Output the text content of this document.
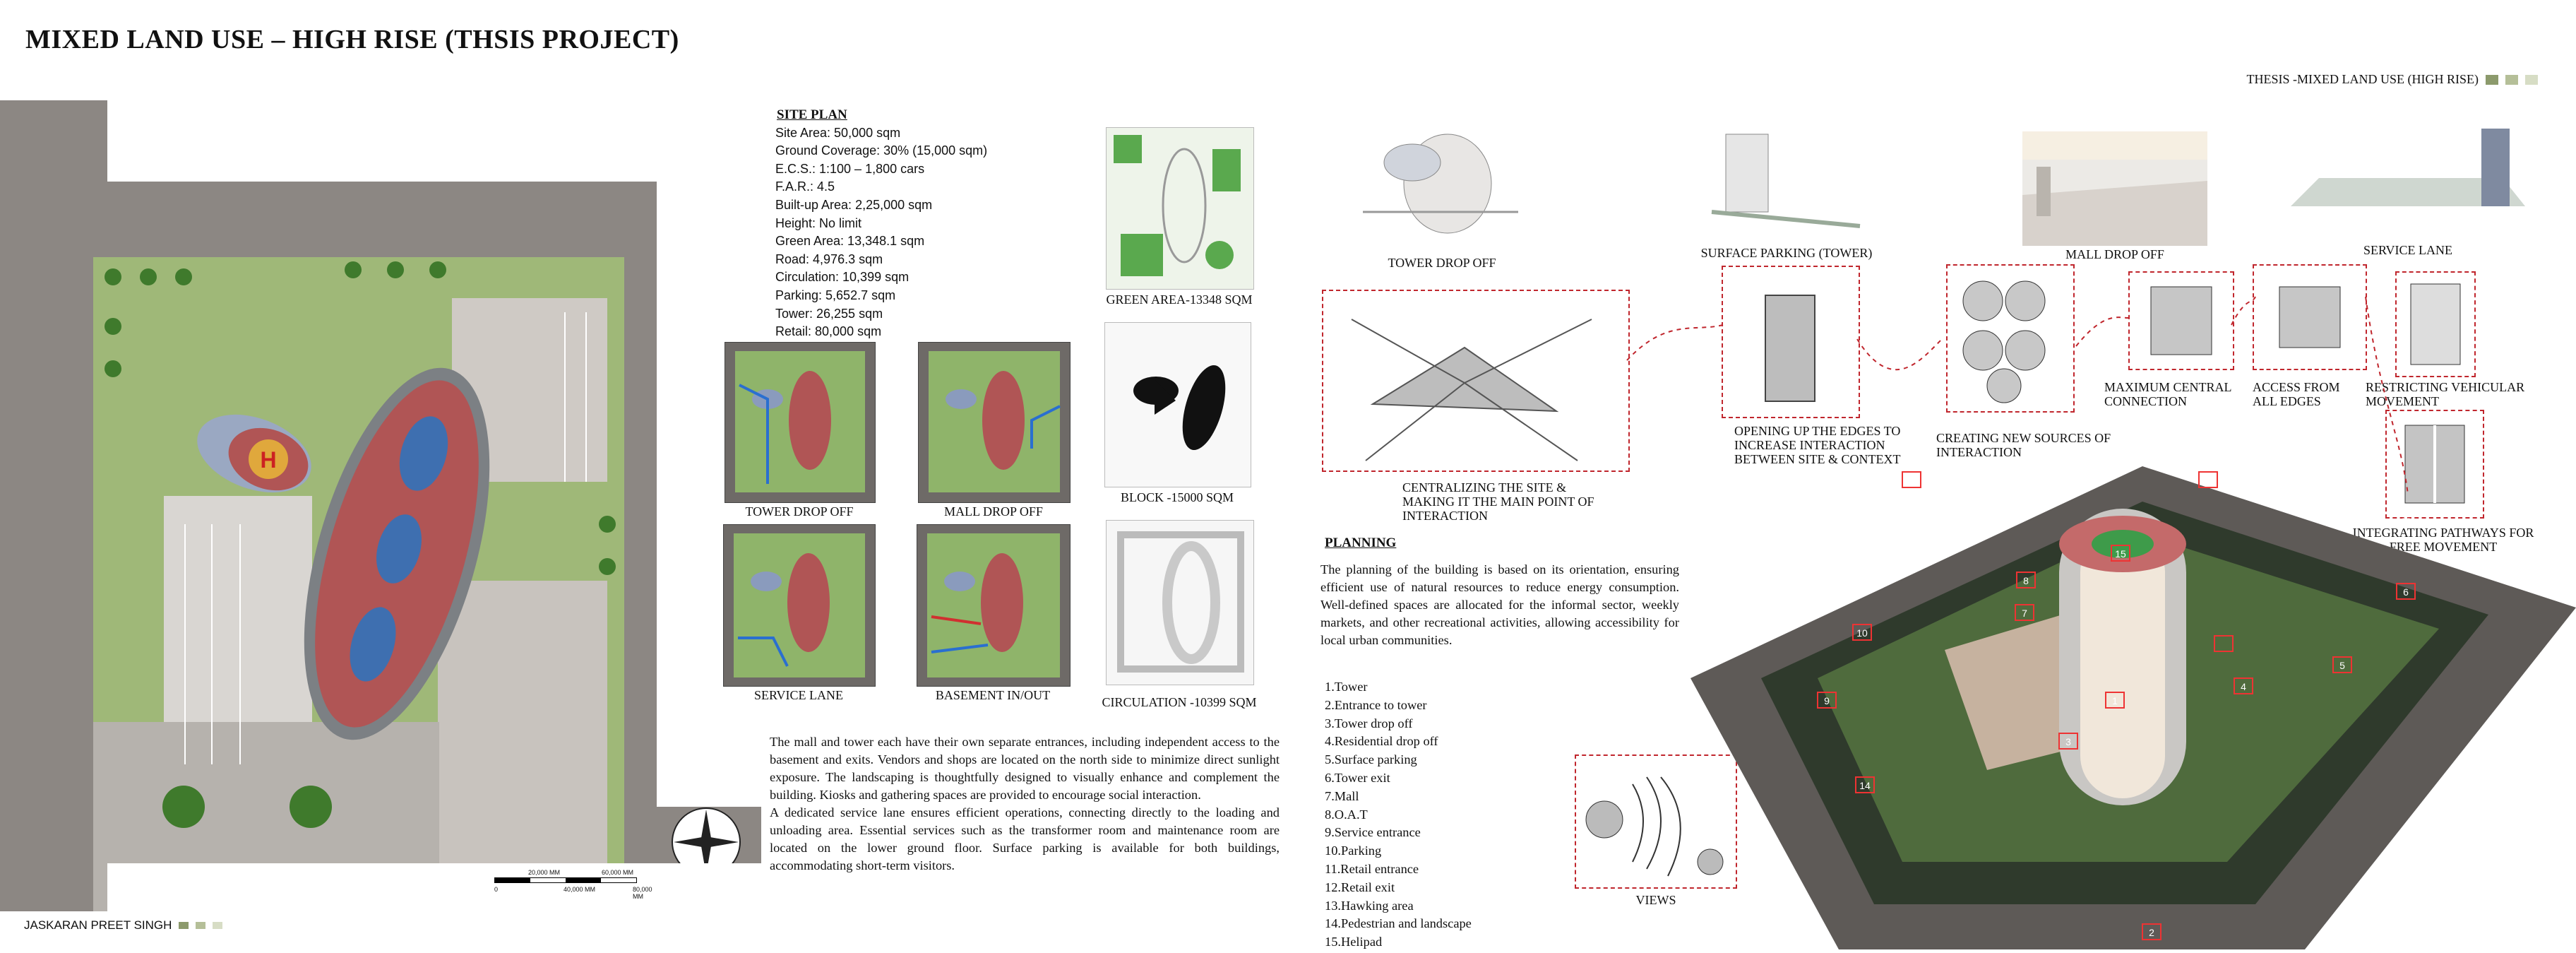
MIXED LAND USE – HIGH RISE (THSIS PROJECT)
THESIS -MIXED LAND USE (HIGH RISE)
H
20,000 MM	60,000 MM
0	40,000 MM	80,000 MM
JASKARAN PREET SINGH
SITE PLAN
Site Area: 50,000 sqm
Ground Coverage: 30% (15,000 sqm)
E.C.S.: 1:100 – 1,800 cars
F.A.R.: 4.5
Built-up Area: 2,25,000 sqm
Height: No limit
Green Area: 13,348.1 sqm
Road: 4,976.3 sqm
Circulation: 10,399 sqm
Parking: 5,652.7 sqm
Tower: 26,255 sqm
Retail: 80,000 sqm
TOWER DROP OFF	MALL DROP OFF
SERVICE LANE	BASEMENT IN/OUT
GREEN AREA-13348 SQM
BLOCK -15000 SQM
CIRCULATION -10399 SQM
The mall and tower each have their own separate entrances, including independent access to the basement and exits. Vendors and shops are located on the north side to minimize direct sunlight exposure. The landscaping is thoughtfully designed to visually enhance and complement the building. Kiosks and gathering spaces are provided to encourage social interaction.
A dedicated service lane ensures efficient operations, connecting directly to the loading and unloading area. Essential services such as the transformer room and maintenance room are located on the lower ground floor. Surface parking is available for both buildings, accommodating short-term visitors.
TOWER DROP OFF
SURFACE PARKING (TOWER)	MALL DROP OFF	SERVICE LANE
CENTRALIZING THE SITE & MAKING IT THE MAIN POINT OF INTERACTION
OPENING UP THE EDGES TO INCREASE INTERACTION BETWEEN SITE & CONTEXT
CREATING NEW SOURCES OF INTERACTION
MAXIMUM CENTRAL CONNECTION
ACCESS FROM ALL EDGES
RESTRICTING VEHICULAR MOVEMENT
INTEGRATING PATHWAYS FOR FREE MOVEMENT
PLANNING
The planning of the building is based on its orientation, ensuring efficient use of natural resources to reduce energy consumption. Well-defined spaces are allocated for the informal sector, weekly markets, and other recreational activities, allowing accessibility for local urban communities.
1.Tower
2.Entrance to tower
3.Tower drop off
4.Residential drop off
5.Surface parking
6.Tower exit
7.Mall
8.O.A.T
9.Service entrance
10.Parking
11.Retail entrance
12.Retail exit
13.Hawking area
14.Pedestrian and landscape
15.Helipad
VIEWS
1
2
3
4
5
6
7
8
9
10
11
12
13
14
15
